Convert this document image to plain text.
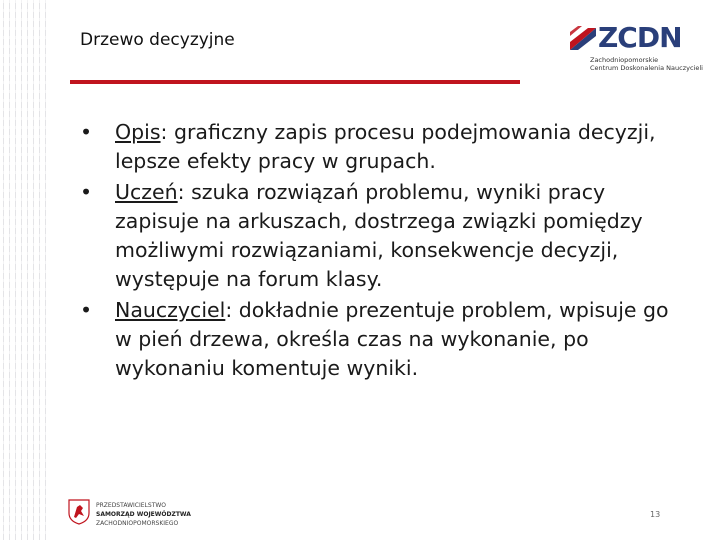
Drzewo decyzyjne	ZCDN
Zachodniopomorskie
Centrum Doskonalenia Nauczycieli
• Opis: graficzny zapis procesu podejmowania decyzji, lepsze efekty pracy w grupach.
• Uczeń: szuka rozwiązań problemu, wyniki pracy zapisuje na arkuszach, dostrzega związki pomiędzy możliwymi rozwiązaniami, konsekwencje decyzji, występuje na forum klasy.
• Nauczyciel: dokładnie prezentuje problem, wpisuje go w pień drzewa, określa czas na wykonanie, po wykonaniu komentuje wyniki.
PRZEDSTAWICIELSTWO
SAMORZĄD WOJEWÓDZTWA
ZACHODNIOPOMORSKIEGO
13
